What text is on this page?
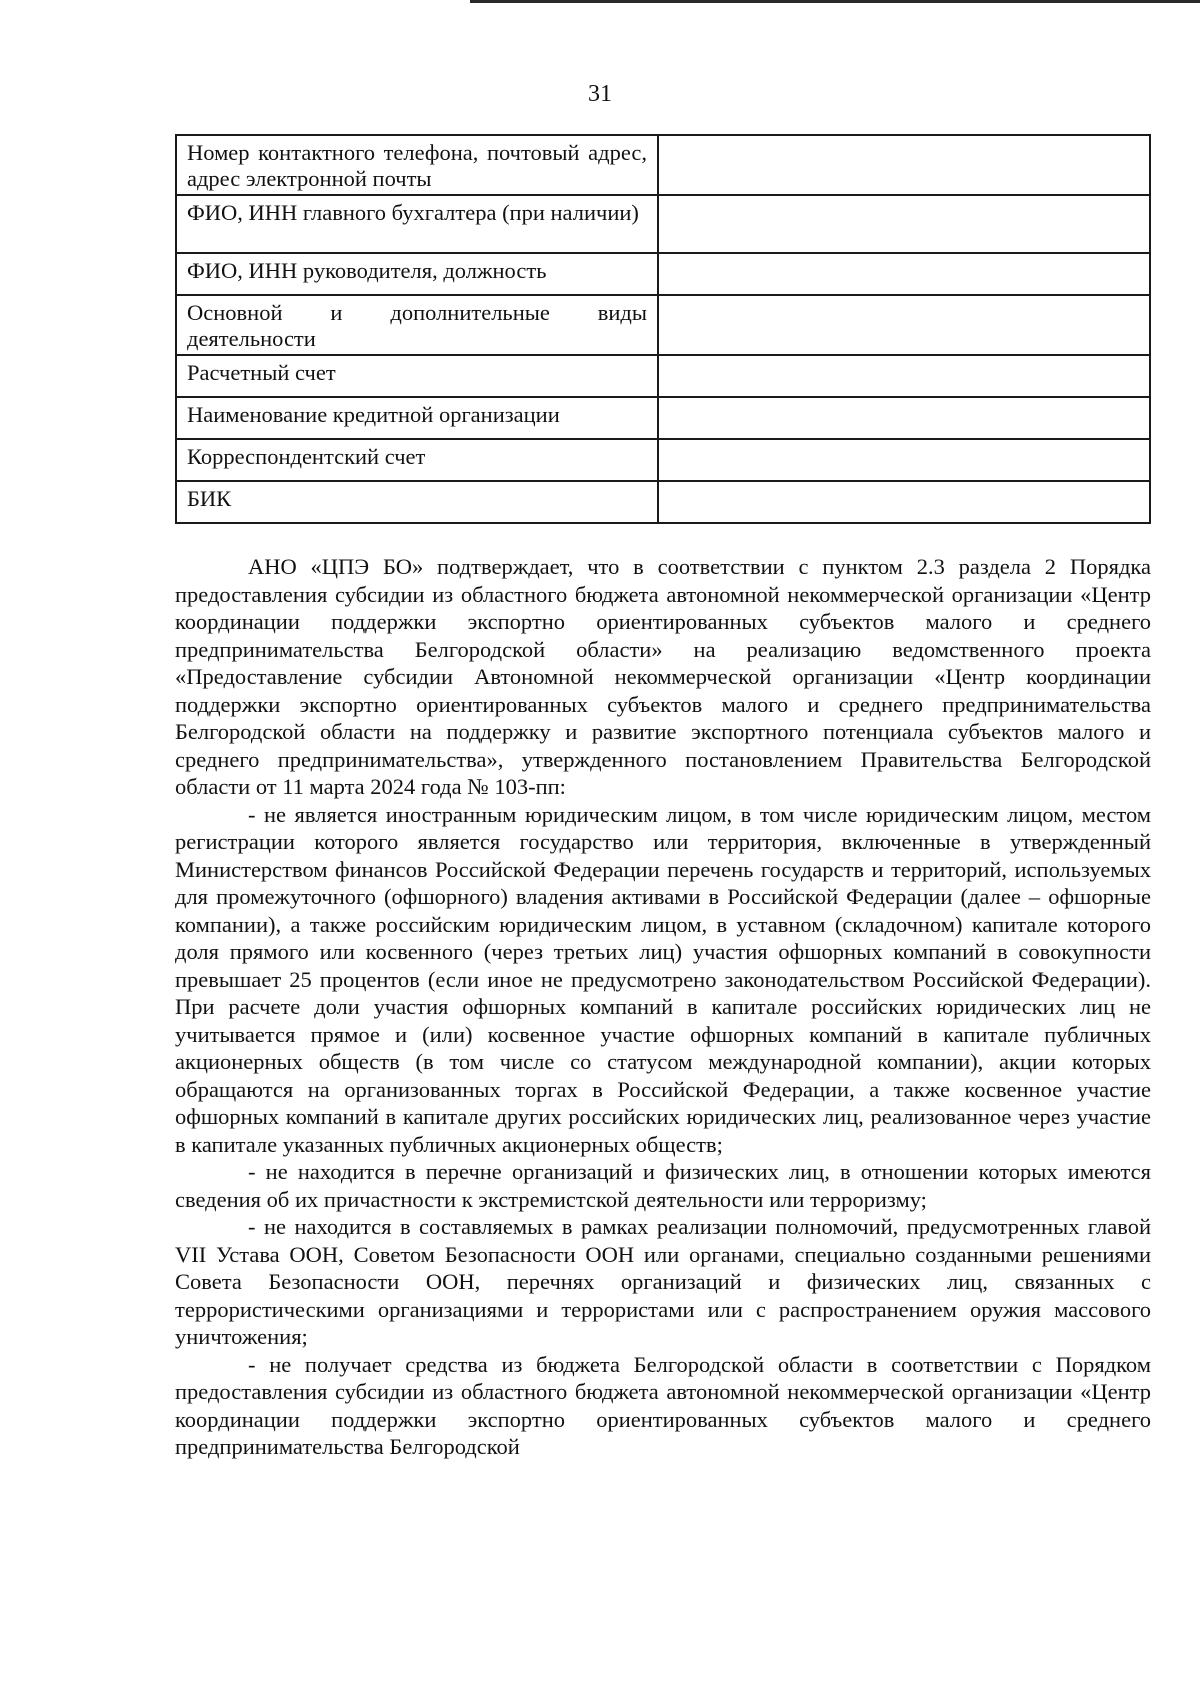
31
Номер контактного телефона, почтовый адрес, адрес электронной почты	
ФИО, ИНН главного бухгалтера (при наличии)	
ФИО, ИНН руководителя, должность	
Основной и дополнительные виды деятельности	
Расчетный счет	
Наименование кредитной организации	
Корреспондентский счет	
БИК	

АНО «ЦПЭ БО» подтверждает, что в соответствии с пунктом 2.3 раздела 2 Порядка предоставления субсидии из областного бюджета автономной некоммерческой организации «Центр координации поддержки экспортно ориентированных субъектов малого и среднего предпринимательства Белгородской области» на реализацию ведомственного проекта «Предоставление субсидии Автономной некоммерческой организации «Центр координации поддержки экспортно ориентированных субъектов малого и среднего предпринимательства Белгородской области на поддержку и развитие экспортного потенциала субъектов малого и среднего предпринимательства», утвержденного постановлением Правительства Белгородской области от 11 марта 2024 года № 103-пп:

- не является иностранным юридическим лицом, в том числе юридическим лицом, местом регистрации которого является государство или территория, включенные в утвержденный Министерством финансов Российской Федерации перечень государств и территорий, используемых для промежуточного (офшорного) владения активами в Российской Федерации (далее – офшорные компании), а также российским юридическим лицом, в уставном (складочном) капитале которого доля прямого или косвенного (через третьих лиц) участия офшорных компаний в совокупности превышает 25 процентов (если иное не предусмотрено законодательством Российской Федерации). При расчете доли участия офшорных компаний в капитале российских юридических лиц не учитывается прямое и (или) косвенное участие офшорных компаний в капитале публичных акционерных обществ (в том числе со статусом международной компании), акции которых обращаются на организованных торгах в Российской Федерации, а также косвенное участие офшорных компаний в капитале других российских юридических лиц, реализованное через участие в капитале указанных публичных акционерных обществ;

- не находится в перечне организаций и физических лиц, в отношении которых имеются сведения об их причастности к экстремистской деятельности или терроризму;

- не находится в составляемых в рамках реализации полномочий, предусмотренных главой VII Устава ООН, Советом Безопасности ООН или органами, специально созданными решениями Совета Безопасности ООН, перечнях организаций и физических лиц, связанных с террористическими организациями и террористами или с распространением оружия массового уничтожения;

- не получает средства из бюджета Белгородской области в соответствии с Порядком предоставления субсидии из областного бюджета автономной некоммерческой организации «Центр координации поддержки экспортно ориентированных субъектов малого и среднего предпринимательства Белгородской
